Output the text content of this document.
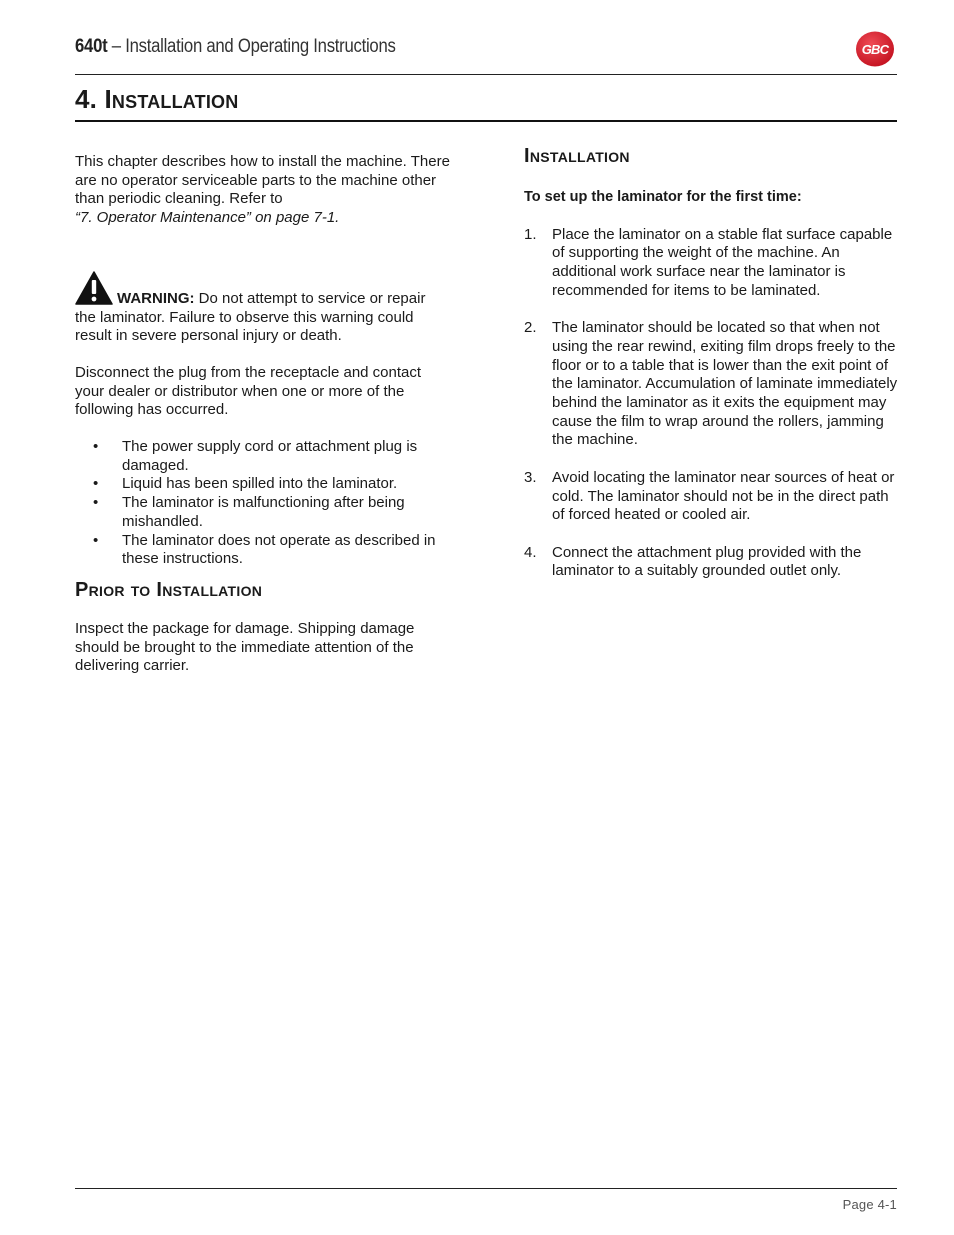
640t – Installation and Operating Instructions	GBC
4. Installation

This chapter describes how to install the machine. There are no operator serviceable parts to the machine other than periodic cleaning. Refer to
“7. Operator Maintenance” on page 7-1.

WARNING: Do not attempt to service or repair the laminator. Failure to observe this warning could result in severe personal injury or death.

Disconnect the plug from the receptacle and contact your dealer or distributor when one or more of the following has occurred.

• The power supply cord or attachment plug is damaged.
• Liquid has been spilled into the laminator.
• The laminator is malfunctioning after being mishandled.
• The laminator does not operate as described in these instructions.
Prior to Installation

Inspect the package for damage. Shipping damage should be brought to the immediate attention of the delivering carrier.

Installation

To set up the laminator for the first time:

1. Place the laminator on a stable flat surface capable of supporting the weight of the machine. An additional work surface near the laminator is recommended for items to be laminated.
2. The laminator should be located so that when not using the rear rewind, exiting film drops freely to the floor or to a table that is lower than the exit point of the laminator. Accumulation of laminate immediately behind the laminator as it exits the equipment may cause the film to wrap around the rollers, jamming the machine.
3. Avoid locating the laminator near sources of heat or cold. The laminator should not be in the direct path of forced heated or cooled air.
4. Connect the attachment plug provided with the laminator to a suitably grounded outlet only.
Page 4-1
